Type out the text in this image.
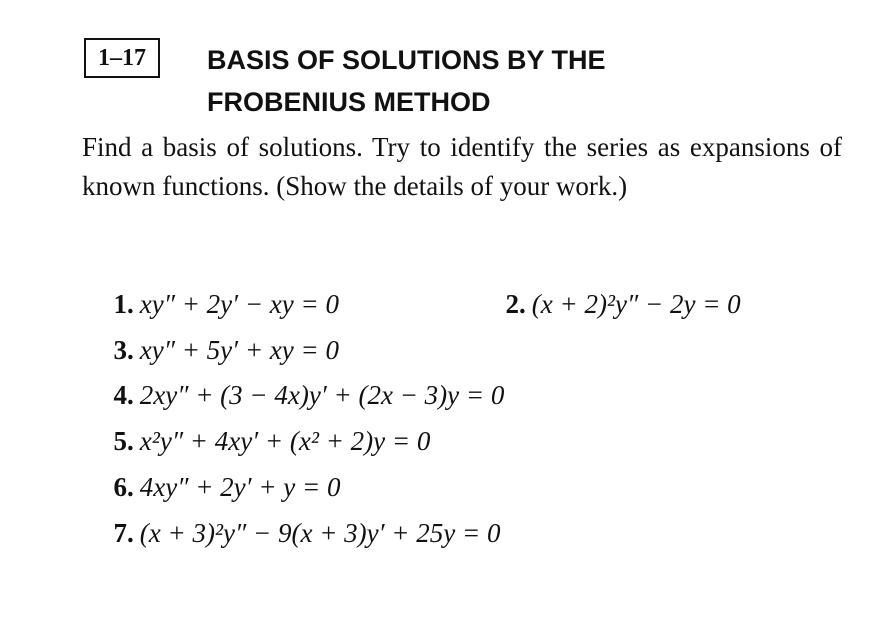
1–17	BASIS OF SOLUTIONS BY THE
FROBENIUS METHOD
Find a basis of solutions. Try to identify the series as expansions of known functions. (Show the details of your work.)

1. xy″ + 2y′ − xy = 0	2. (x + 2)²y″ − 2y = 0

3. xy″ + 5y′ + xy = 0

4. 2xy″ + (3 − 4x)y′ + (2x − 3)y = 0

5. x²y″ + 4xy′ + (x² + 2)y = 0

6. 4xy″ + 2y′ + y = 0

7. (x + 3)²y″ − 9(x + 3)y′ + 25y = 0
